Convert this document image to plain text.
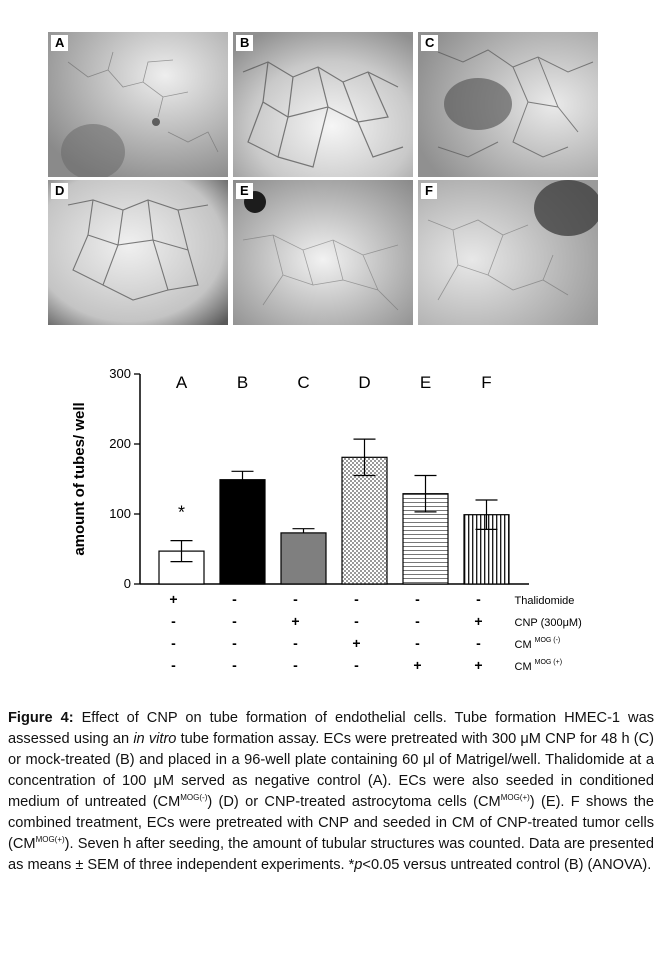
A	B	C
D	E	F
amount of tubes/ well
0
100
200
300	A	B	C	D	E	F
*
+	-	-	-	-	-	Thalidomide
-	-	+	-	-	+	CNP (300μM)
-	-	-	+	-	-	CM $^{MOG (-)}$
-	-	-	-	+	+	CM $^{MOG (+)}$
Figure 4: Effect of CNP on tube formation of endothelial cells. Tube formation HMEC-1 was assessed using an in vitro tube formation assay. ECs were pretreated with 300 μM CNP for 48 h (C) or mock-treated (B) and placed in a 96-well plate containing 60 μl of Matrigel/well. Thalidomide at a concentration of 100 μM served as negative control (A). ECs were also seeded in conditioned medium of untreated $(CM^{MOG(-)})$ (D) or CNP-treated astrocytoma cells $(CM^{MOG(+)})$ (E). F shows the combined treatment, ECs were pretreated with CNP and seeded in CM of CNP-treated tumor cells $(CM^{MOG(+)})$. Seven h after seeding, the amount of tubular structures was counted. Data are presented as means ± SEM of three independent experiments. *p<0.05 versus untreated control (B) (ANOVA).
